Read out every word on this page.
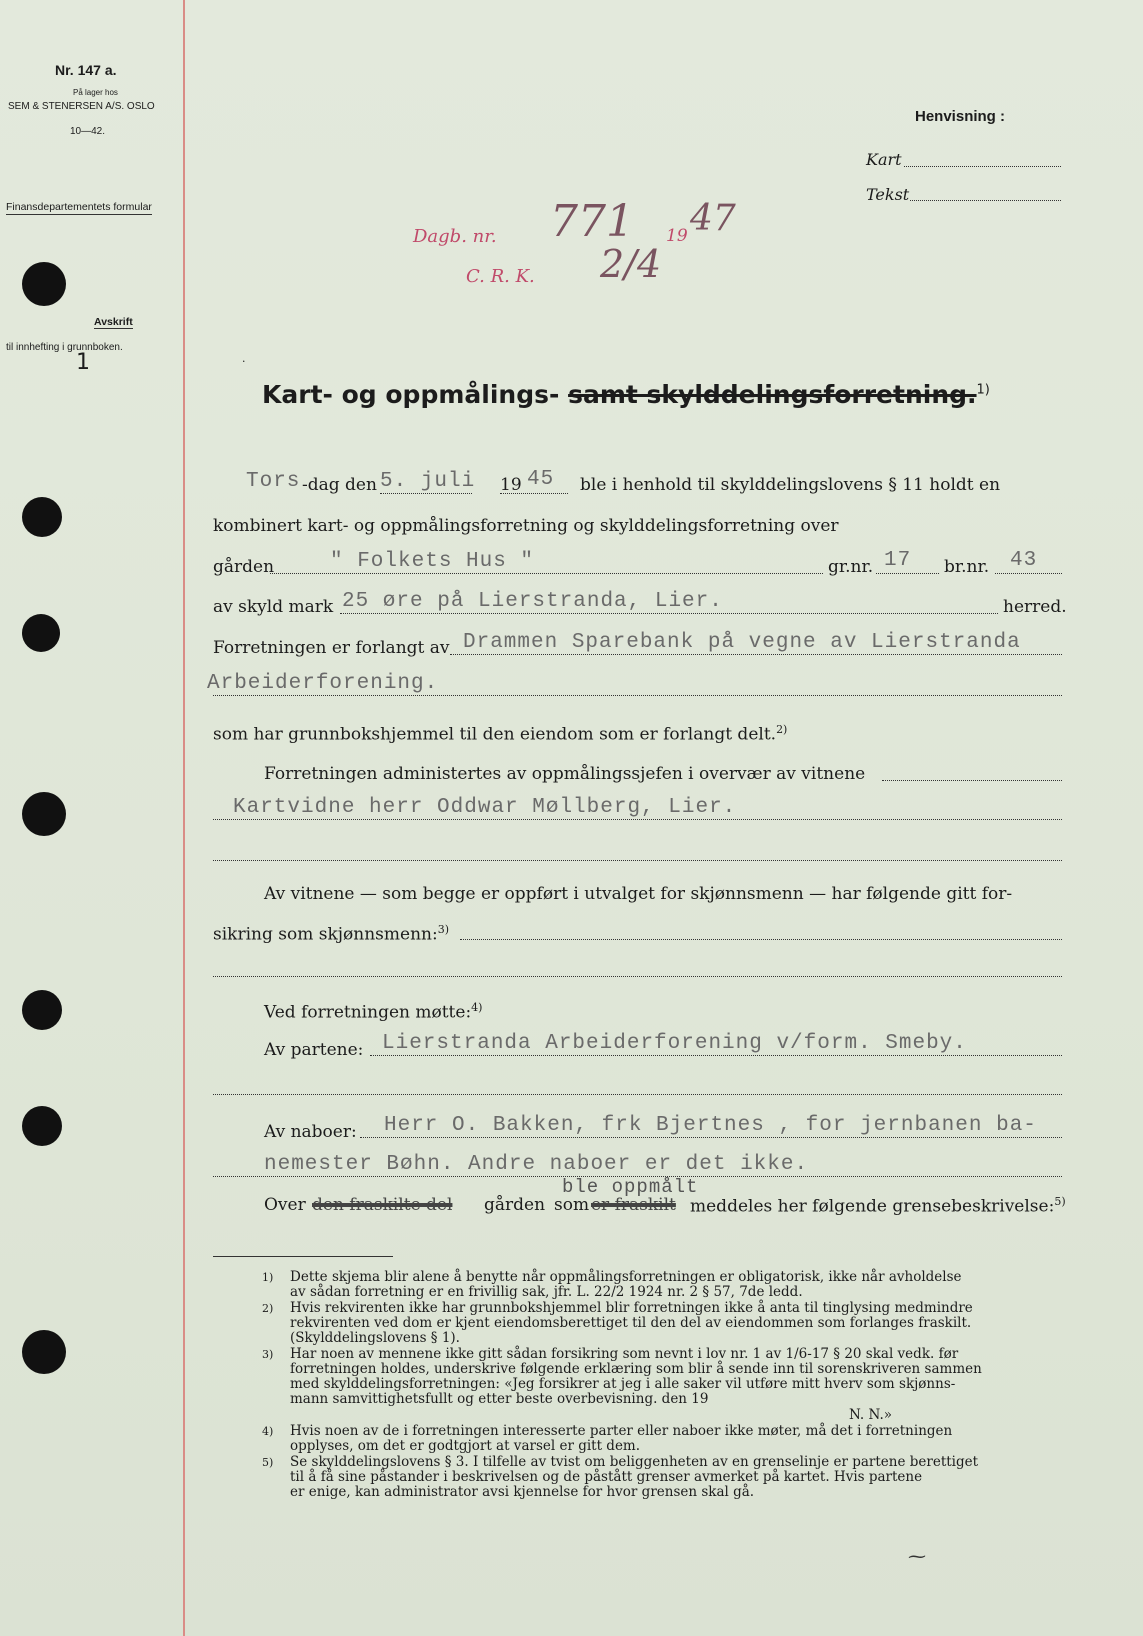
Nr. 147 a.
På lager hos
SEM & STENERSEN A/S. OSLO
10—42.
Finansdepartementets formular
Avskrift
til innhefting i grunnboken.
1
Henvisning :
Kart
Tekst
Dagb. nr. 771 19 47
C. R. K. 2/4
·
Kart- og oppmålings- samt skylddelingsforretning.$^{1)}$
Tors -dag den 5. juli 19 45 ble i henhold til skylddelingslovens § 11 holdt en
kombinert kart- og oppmålingsforretning og skylddelingsforretning over
gården	" Folkets Hus "	gr.nr. 17 br.nr. 43
av skyld mark 25 øre på Lierstranda, Lier.	herred.
Forretningen er forlangt av Drammen Sparebank på vegne av Lierstranda
Arbeiderforening.
som har grunnbokshjemmel til den eiendom som er forlangt delt.$^{2)}$
Forretningen administertes av oppmålingssjefen i overvær av vitnene
Kartvidne herr Oddwar Møllberg, Lier.
Av vitnene — som begge er oppført i utvalget for skjønnsmenn — har følgende gitt for-
sikring som skjønnsmenn:$^{3)}$
Ved forretningen møtte:$^{4)}$
Av partene: Lierstranda Arbeiderforening v/form. Smeby.
Av naboer: Herr O. Bakken, frk Bjertnes , for jernbanen ba-
nemester Bøhn. Andre naboer er det ikke.
ble oppmålt
Over den fraskilte del gården som er fraskilt meddeles her følgende grensebeskrivelse:$^{5)}$
1) Dette skjema blir alene å benytte når oppmålingsforretningen er obligatorisk, ikke når avholdelse
av sådan forretning er en frivillig sak, jfr. L. 22/2 1924 nr. 2 § 57, 7de ledd.
2) Hvis rekvirenten ikke har grunnbokshjemmel blir forretningen ikke å anta til tinglysing medmindre
rekvirenten ved dom er kjent eiendomsberettiget til den del av eiendommen som forlanges fraskilt.
(Skylddelingslovens § 1).
3) Har noen av mennene ikke gitt sådan forsikring som nevnt i lov nr. 1 av 1/6-17 § 20 skal vedk. før
forretningen holdes, underskrive følgende erklæring som blir å sende inn til sorenskriveren sammen
med skylddelingsforretningen: «Jeg forsikrer at jeg i alle saker vil utføre mitt hverv som skjønns-
mann samvittighetsfullt og etter beste overbevisning. den 19
N. N.»
4) Hvis noen av de i forretningen interesserte parter eller naboer ikke møter, må det i forretningen
opplyses, om det er godtgjort at varsel er gitt dem.
5) Se skylddelingslovens § 3. I tilfelle av tvist om beliggenheten av en grenselinje er partene berettiget
til å få sine påstander i beskrivelsen og de påstått grenser avmerket på kartet. Hvis partene
er enige, kan administrator avsi kjennelse for hvor grensen skal gå.
⁓
